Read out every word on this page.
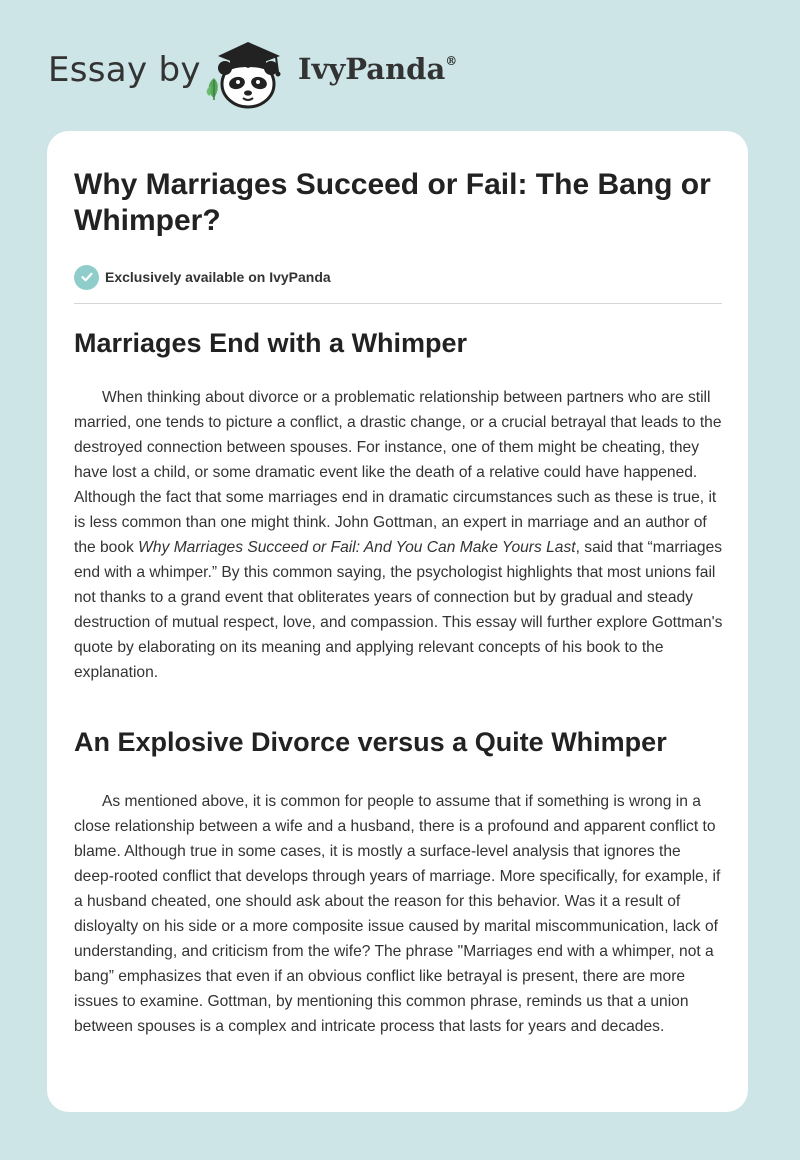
Essay by	IvyPanda®
Why Marriages Succeed or Fail: The Bang or Whimper?
Exclusively available on IvyPanda
Marriages End with a Whimper

When thinking about divorce or a problematic relationship between partners who are still married, one tends to picture a conflict, a drastic change, or a crucial betrayal that leads to the destroyed connection between spouses. For instance, one of them might be cheating, they have lost a child, or some dramatic event like the death of a relative could have happened. Although the fact that some marriages end in dramatic circumstances such as these is true, it is less common than one might think. John Gottman, an expert in marriage and an author of the book Why Marriages Succeed or Fail: And You Can Make Yours Last, said that “marriages end with a whimper.” By this common saying, the psychologist highlights that most unions fail not thanks to a grand event that obliterates years of connection but by gradual and steady destruction of mutual respect, love, and compassion. This essay will further explore Gottman's quote by elaborating on its meaning and applying relevant concepts of his book to the explanation.

An Explosive Divorce versus a Quite Whimper

As mentioned above, it is common for people to assume that if something is wrong in a close relationship between a wife and a husband, there is a profound and apparent conflict to blame. Although true in some cases, it is mostly a surface-level analysis that ignores the deep-rooted conflict that develops through years of marriage. More specifically, for example, if a husband cheated, one should ask about the reason for this behavior. Was it a result of disloyalty on his side or a more composite issue caused by marital miscommunication, lack of understanding, and criticism from the wife? The phrase "Marriages end with a whimper, not a bang” emphasizes that even if an obvious conflict like betrayal is present, there are more issues to examine. Gottman, by mentioning this common phrase, reminds us that a union between spouses is a complex and intricate process that lasts for years and decades.
